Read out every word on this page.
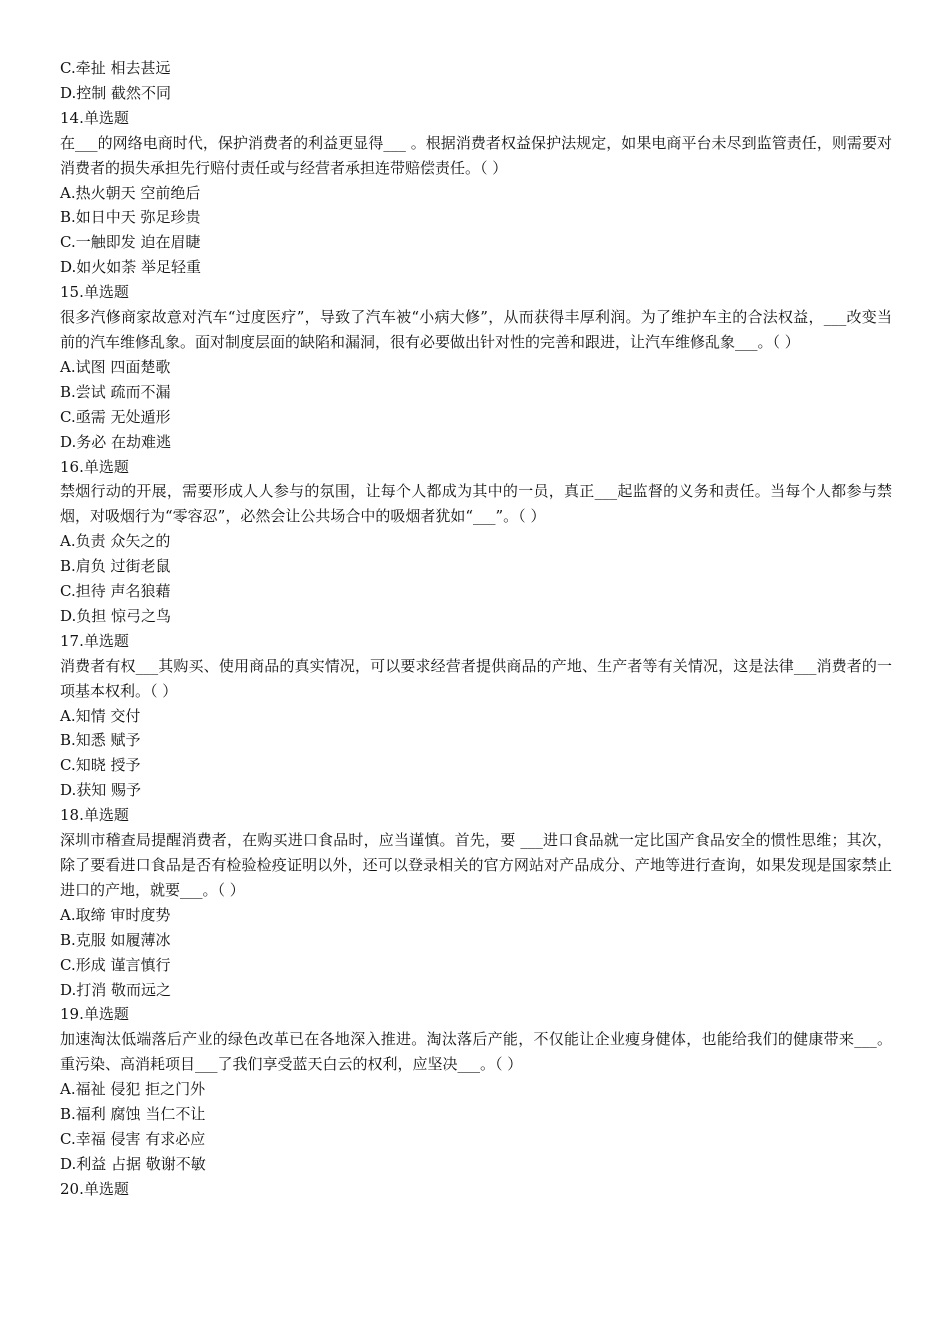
C.牵扯 相去甚远
D.控制 截然不同
14.单选题
在___的网络电商时代，保护消费者的利益更显得___ 。根据消费者权益保护法规定，如果电商平台未尽到监管责任，则需要对消费者的损失承担先行赔付责任或与经营者承担连带赔偿责任。（ ）
A.热火朝天 空前绝后
B.如日中天 弥足珍贵
C.一触即发 迫在眉睫
D.如火如荼 举足轻重
15.单选题
很多汽修商家故意对汽车“过度医疗”，导致了汽车被“小病大修”，从而获得丰厚利润。为了维护车主的合法权益，___改变当前的汽车维修乱象。面对制度层面的缺陷和漏洞，很有必要做出针对性的完善和跟进，让汽车维修乱象___。（ ）
A.试图 四面楚歌
B.尝试 疏而不漏
C.亟需 无处遁形
D.务必 在劫难逃
16.单选题
禁烟行动的开展，需要形成人人参与的氛围，让每个人都成为其中的一员，真正___起监督的义务和责任。当每个人都参与禁烟，对吸烟行为“零容忍”，必然会让公共场合中的吸烟者犹如“___”。（ ）
A.负责 众矢之的
B.肩负 过街老鼠
C.担待 声名狼藉
D.负担 惊弓之鸟
17.单选题
消费者有权___其购买、使用商品的真实情况，可以要求经营者提供商品的产地、生产者等有关情况，这是法律___消费者的一项基本权利。（ ）
A.知情 交付
B.知悉 赋予
C.知晓 授予
D.获知 赐予
18.单选题
深圳市稽查局提醒消费者，在购买进口食品时，应当谨慎。首先，要 ___进口食品就一定比国产食品安全的惯性思维；其次，除了要看进口食品是否有检验检疫证明以外，还可以登录相关的官方网站对产品成分、产地等进行查询，如果发现是国家禁止进口的产地，就要___。（ ）
A.取缔 审时度势
B.克服 如履薄冰
C.形成 谨言慎行
D.打消 敬而远之
19.单选题
加速淘汰低端落后产业的绿色改革已在各地深入推进。淘汰落后产能，不仅能让企业瘦身健体，也能给我们的健康带来___。重污染、高消耗项目___了我们享受蓝天白云的权利，应坚决___。（ ）
A.福祉 侵犯 拒之门外
B.福利 腐蚀 当仁不让
C.幸福 侵害 有求必应
D.利益 占据 敬谢不敏
20.单选题
